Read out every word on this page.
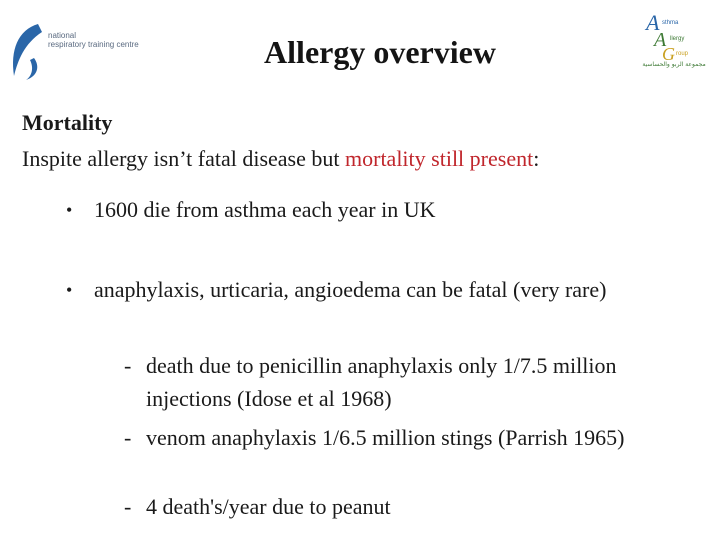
national
respiratory training centre
A
A
G
sthma
llergy
roup
مجموعة الربو والحساسية
Allergy overview
Mortality
Inspite allergy isn’t fatal disease but mortality still present:
• 1600 die from asthma each year in UK
• anaphylaxis, urticaria, angioedema can be fatal (very rare)
- death due to penicillin anaphylaxis only 1/7.5 million injections (Idose et al 1968)
- venom anaphylaxis 1/6.5 million stings (Parrish 1965)
- 4 death's/year due to peanut
